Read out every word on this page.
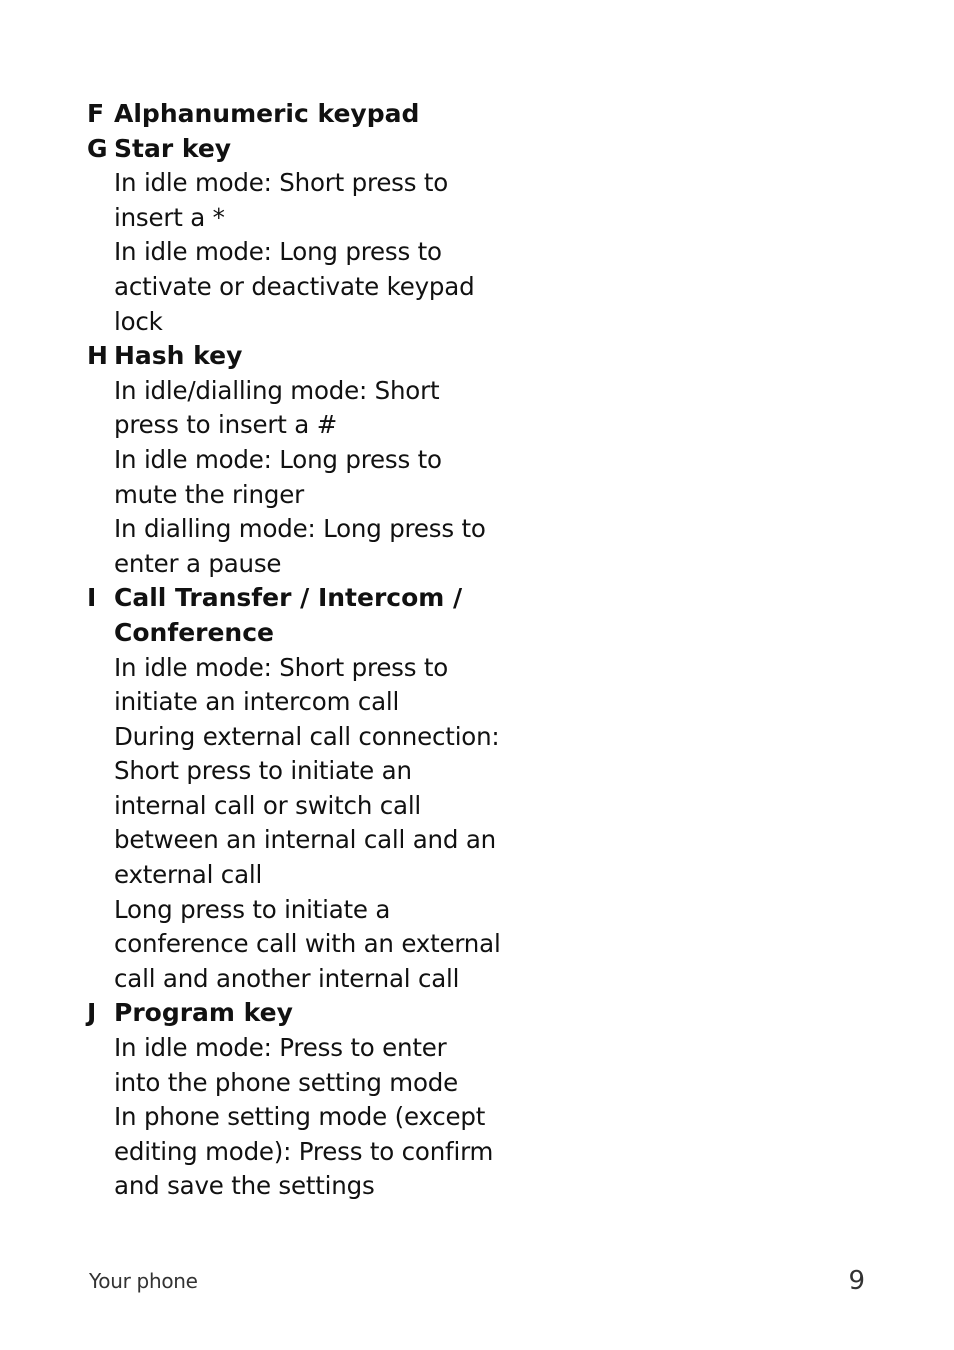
F Alphanumeric keypad
G Star key
In idle mode: Short press to
insert a *
In idle mode: Long press to
activate or deactivate keypad
lock
H Hash key
In idle/dialling mode: Short
press to insert a #
In idle mode: Long press to
mute the ringer
In dialling mode: Long press to
enter a pause
I Call Transfer / Intercom /
Conference
In idle mode: Short press to
initiate an intercom call
During external call connection:
Short press to initiate an
internal call or switch call
between an internal call and an
external call
Long press to initiate a
conference call with an external
call and another internal call
J Program key
In idle mode: Press to enter
into the phone setting mode
In phone setting mode (except
editing mode): Press to confirm
and save the settings
Your phone	9
